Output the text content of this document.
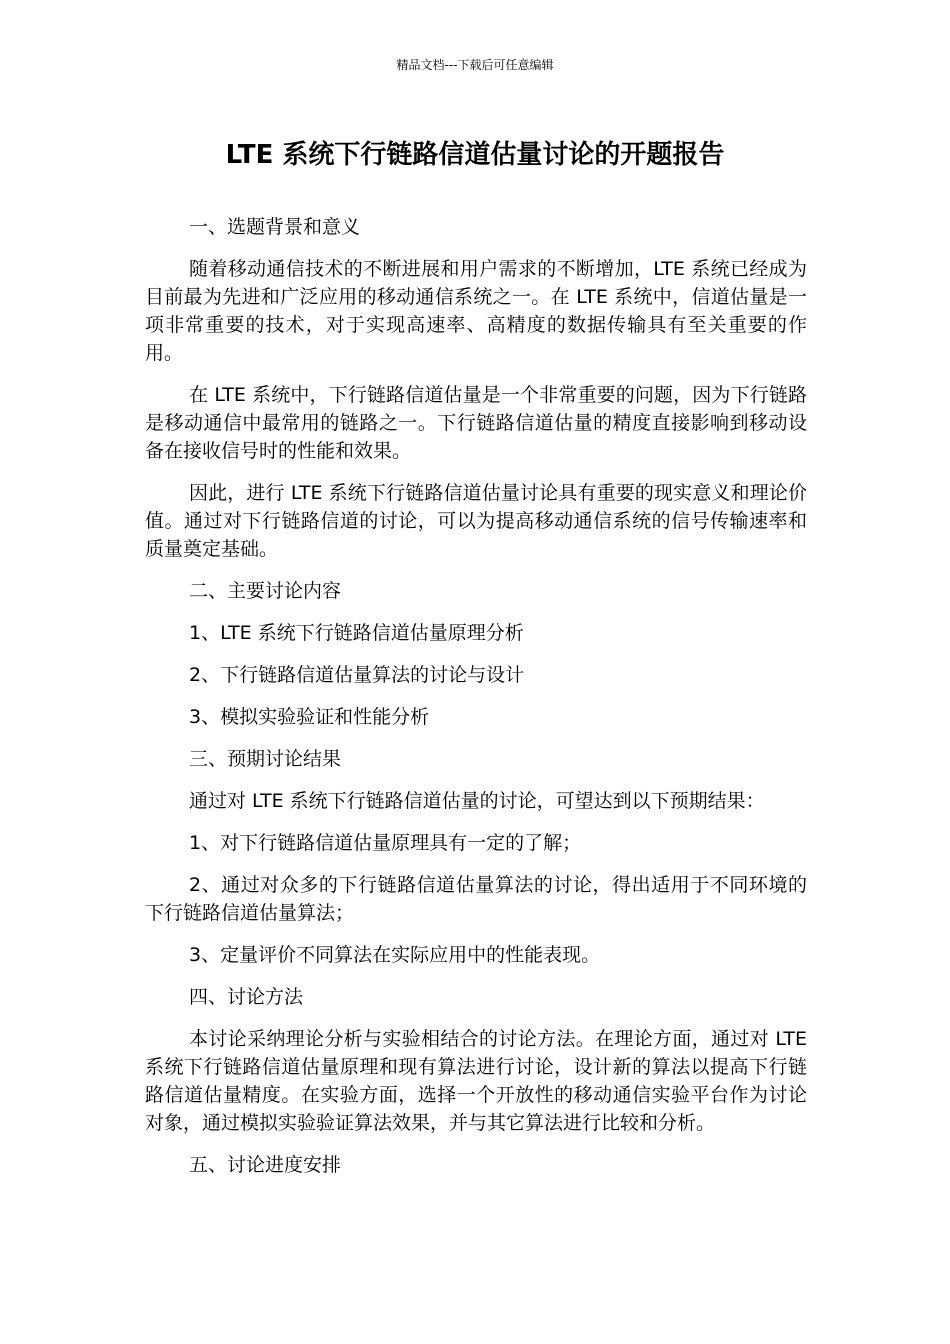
精品文档---下载后可任意编辑
LTE 系统下行链路信道估量讨论的开题报告

一、选题背景和意义

随着移动通信技术的不断进展和用户需求的不断增加，LTE 系统已经成为目前最为先进和广泛应用的移动通信系统之一。在 LTE 系统中，信道估量是一项非常重要的技术，对于实现高速率、高精度的数据传输具有至关重要的作用。

在 LTE 系统中，下行链路信道估量是一个非常重要的问题，因为下行链路是移动通信中最常用的链路之一。下行链路信道估量的精度直接影响到移动设备在接收信号时的性能和效果。

因此，进行 LTE 系统下行链路信道估量讨论具有重要的现实意义和理论价值。通过对下行链路信道的讨论，可以为提高移动通信系统的信号传输速率和质量奠定基础。

二、主要讨论内容

1、LTE 系统下行链路信道估量原理分析

2、下行链路信道估量算法的讨论与设计

3、模拟实验验证和性能分析

三、预期讨论结果

通过对 LTE 系统下行链路信道估量的讨论，可望达到以下预期结果：

1、对下行链路信道估量原理具有一定的了解；

2、通过对众多的下行链路信道估量算法的讨论，得出适用于不同环境的下行链路信道估量算法；

3、定量评价不同算法在实际应用中的性能表现。

四、讨论方法

本讨论采纳理论分析与实验相结合的讨论方法。在理论方面，通过对 LTE 系统下行链路信道估量原理和现有算法进行讨论，设计新的算法以提高下行链路信道估量精度。在实验方面，选择一个开放性的移动通信实验平台作为讨论对象，通过模拟实验验证算法效果，并与其它算法进行比较和分析。

五、讨论进度安排
